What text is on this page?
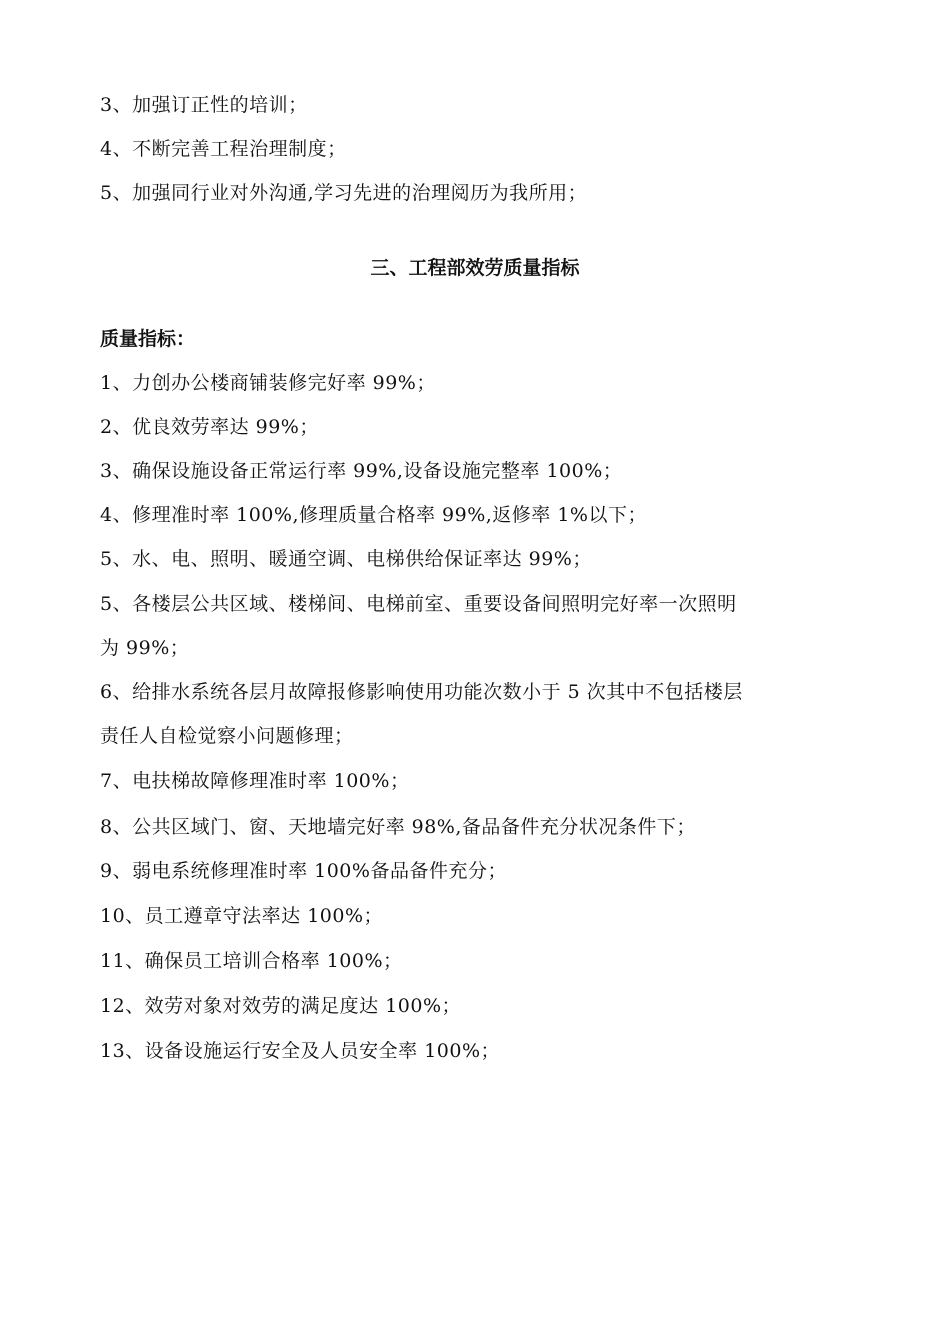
3、加强订正性的培训；
4、不断完善工程治理制度；
5、加强同行业对外沟通,学习先进的治理阅历为我所用；
三、工程部效劳质量指标
质量指标：
1、力创办公楼商铺装修完好率 99%；
2、优良效劳率达 99%；
3、确保设施设备正常运行率 99%,设备设施完整率 100%；
4、修理准时率 100%,修理质量合格率 99%,返修率 1%以下；
5、水、电、照明、暖通空调、电梯供给保证率达 99%；
5、各楼层公共区域、楼梯间、电梯前室、重要设备间照明完好率一次照明
为 99%；
6、给排水系统各层月故障报修影响使用功能次数小于 5 次其中不包括楼层
责任人自检觉察小问题修理；
7、电扶梯故障修理准时率 100%；
8、公共区域门、窗、天地墙完好率 98%,备品备件充分状况条件下；
9、弱电系统修理准时率 100%备品备件充分；
10、员工遵章守法率达 100%；
11、确保员工培训合格率 100%；
12、效劳对象对效劳的满足度达 100%；
13、设备设施运行安全及人员安全率 100%；
